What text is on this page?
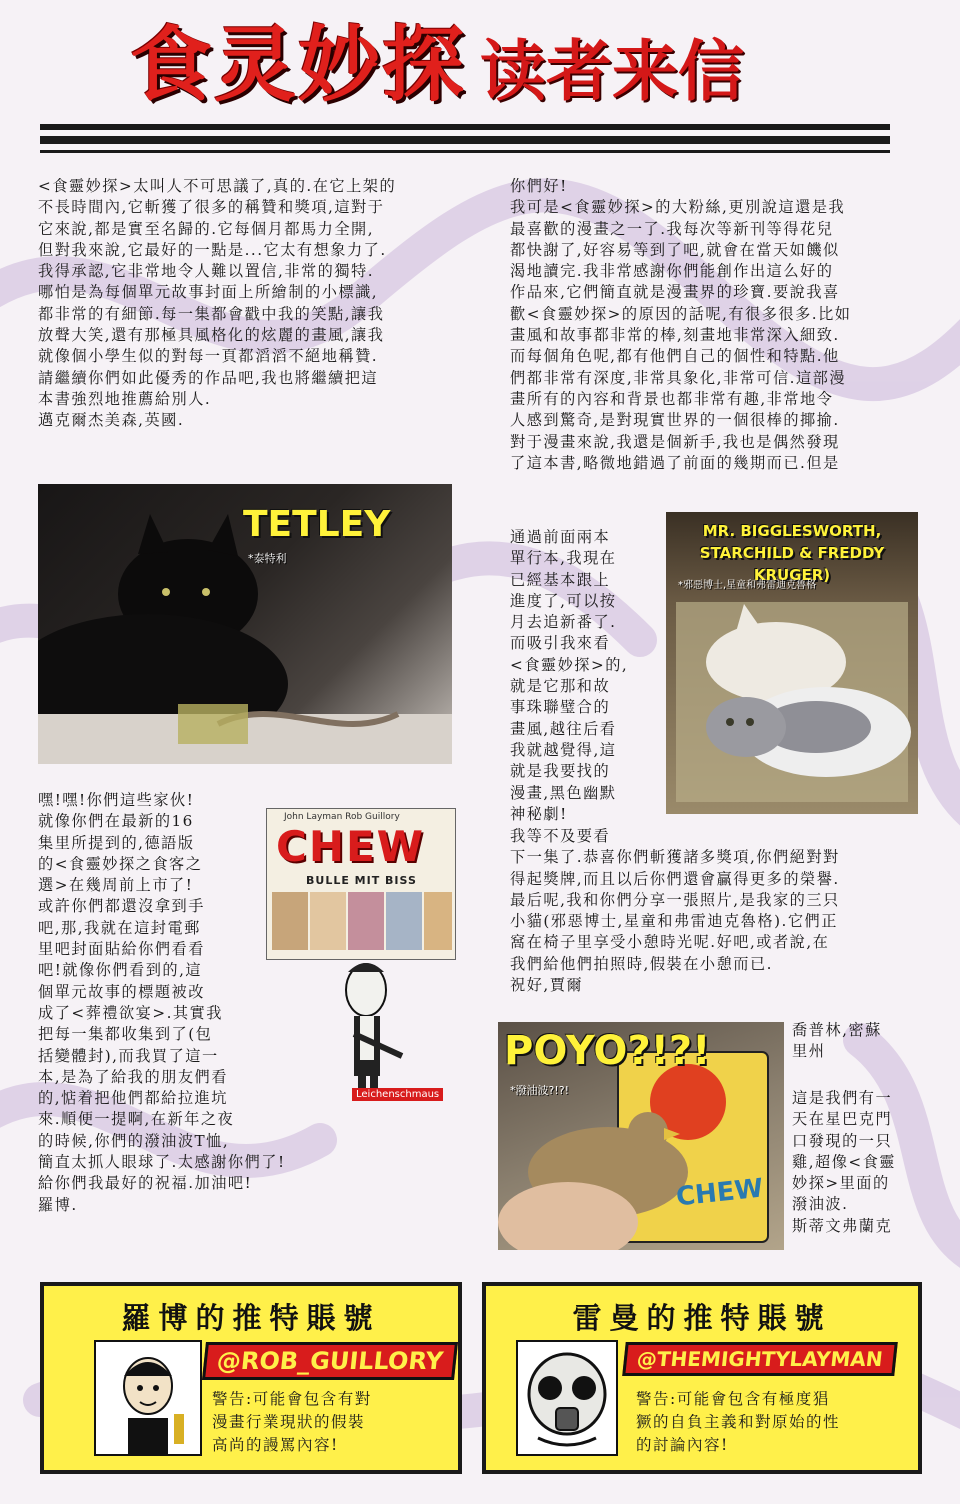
食灵妙探 读者来信
<食靈妙探>太叫人不可思議了,真的.在它上架的
不長時間內,它斬獲了很多的稱贊和獎項,這對于
它來說,都是實至名歸的.它每個月都馬力全開,
但對我來說,它最好的一點是...它太有想象力了.
我得承認,它非常地令人難以置信,非常的獨特.
哪怕是為每個單元故事封面上所繪制的小標識,
都非常的有細節.每一集都會戳中我的笑點,讓我
放聲大笑,還有那極具風格化的炫麗的畫風,讓我
就像個小學生似的對每一頁都滔滔不絕地稱贊.
請繼續你們如此優秀的作品吧,我也將繼續把這
本書強烈地推薦給別人.
邁克爾杰美森,英國.
你們好!
我可是<食靈妙探>的大粉絲,更別說這還是我
最喜歡的漫畫之一了.我每次等新刊等得花兒
都快謝了,好容易等到了吧,就會在當天如饑似
渴地讀完.我非常感謝你們能創作出這么好的
作品來,它們簡直就是漫畫界的珍寶.要說我喜
歡<食靈妙探>的原因的話呢,有很多很多.比如
畫風和故事都非常的棒,刻畫地非常深入細致.
而每個角色呢,都有他們自己的個性和特點.他
們都非常有深度,非常具象化,非常可信.這部漫
畫所有的內容和背景也都非常有趣,非常地令
人感到驚奇,是對現實世界的一個很棒的揶揄.
對于漫畫來說,我還是個新手,我也是偶然發現
了這本書,略微地錯過了前面的幾期而已.但是
通過前面兩本
單行本,我現在
已經基本跟上
進度了,可以按
月去追新番了.
而吸引我來看
<食靈妙探>的,
就是它那和故
事珠聯璧合的
畫風,越往后看
我就越覺得,這
就是我要找的
漫畫,黑色幽默
神秘劇!
我等不及要看
下一集了.恭喜你們斬獲諸多獎項,你們絕對對
得起獎牌,而且以后你們還會贏得更多的榮譽.
最后呢,我和你們分享一張照片,是我家的三只
小貓(邪惡博士,星童和弗雷迪克魯格).它們正
窩在椅子里享受小憩時光呢.好吧,或者說,在
我們給他們拍照時,假裝在小憩而已.
祝好,賈爾
喬普林,密蘇
里州
TETLEY
*泰特利
MR. BIGGLESWORTH, STARCHILD & FREDDY KRUGER)
*邪惡博士,星童和弗雷迪克魯格
嘿!嘿!你們這些家伙!
就像你們在最新的16
集里所提到的,德語版
的<食靈妙探之食客之
選>在幾周前上市了!
或許你們都還沒拿到手
吧,那,我就在這封電郵
里吧封面貼給你們看看
吧!就像你們看到的,這
個單元故事的標題被改
成了<葬禮欲宴>.其實我
把每一集都收集到了(包
括變體封),而我買了這一
本,是為了給我的朋友們看
的,惦着把他們都給拉進坑
來.順便一提啊,在新年之夜
的時候,你們的潑油波T恤,
簡直太抓人眼球了.太感謝你們了!
給你們我最好的祝福.加油吧!
羅博.
John Layman Rob Guillory
CHEW
BULLE MIT BISS
Leichenschmaus
POYO?!?!
*潑油波?!?!
CHEW
這是我們有一
天在星巴克門
口發現的一只
雞,超像<食靈
妙探>里面的
潑油波.
斯蒂文弗蘭克
羅博的推特賬號
@ROB_GUILLORY
警告:可能會包含有對
漫畫行業現狀的假裝
高尚的謾罵內容!
雷曼的推特賬號
@THEMIGHTYLAYMAN
警告:可能會包含有極度猖
獗的自負主義和對原始的性
的討論內容!
